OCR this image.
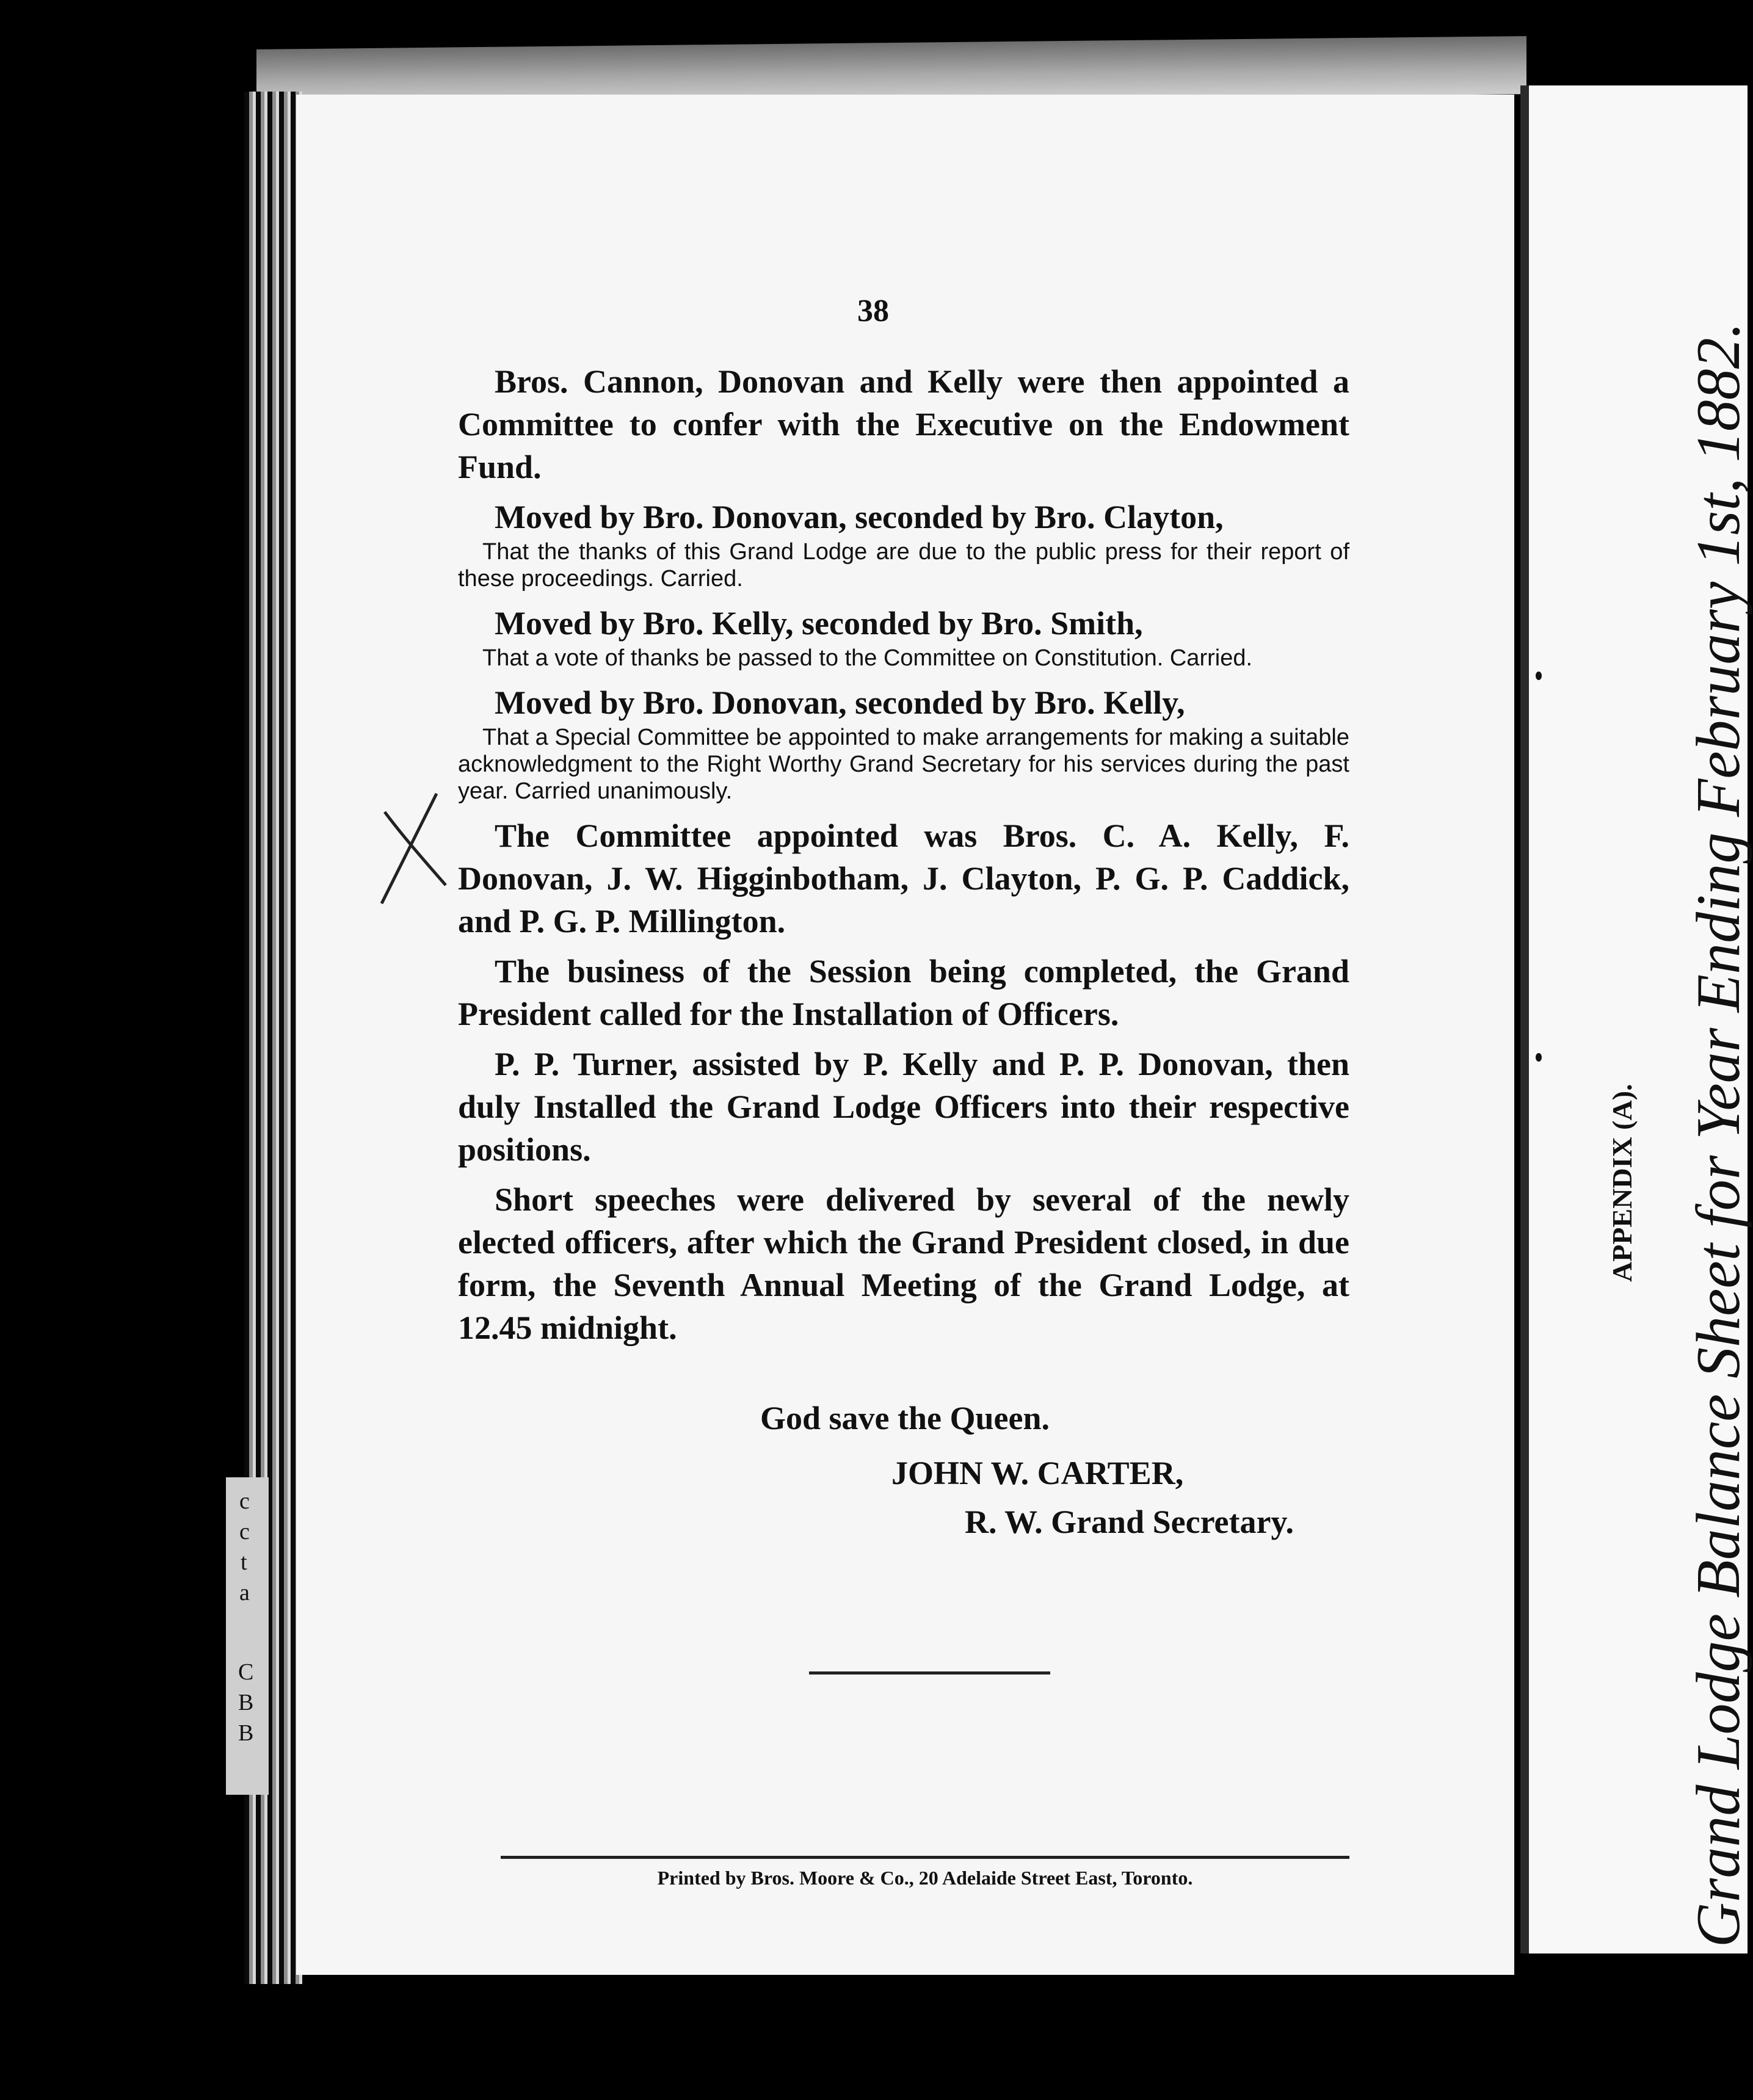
c
c
t
a
C
B
B

38

Bros. Cannon, Donovan and Kelly were then appointed a Committee to confer with the Executive on the Endowment Fund.

Moved by Bro. Donovan, seconded by Bro. Clayton,

That the thanks of this Grand Lodge are due to the public press for their report of these proceedings. Carried.

Moved by Bro. Kelly, seconded by Bro. Smith,

That a vote of thanks be passed to the Committee on Constitution. Carried.

Moved by Bro. Donovan, seconded by Bro. Kelly,

That a Special Committee be appointed to make arrangements for making a suitable acknowledgment to the Right Worthy Grand Secretary for his services during the past year. Carried unanimously.

The Committee appointed was Bros. C. A. Kelly, F. Donovan, J. W. Higginbotham, J. Clayton, P. G. P. Caddick, and P. G. P. Millington.

The business of the Session being completed, the Grand President called for the Installation of Officers.

P. P. Turner, assisted by P. Kelly and P. P. Donovan, then duly Installed the Grand Lodge Officers into their respective positions.

Short speeches were delivered by several of the newly elected officers, after which the Grand President closed, in due form, the Seventh Annual Meeting of the Grand Lodge, at 12.45 midnight.

God save the Queen.

JOHN W. CARTER,

R. W. Grand Secretary.

Printed by Bros. Moore & Co., 20 Adelaide Street East, Toronto.

APPENDIX (A). Grand Lodge Balance Sheet for Year Ending February 1st, 1882.
